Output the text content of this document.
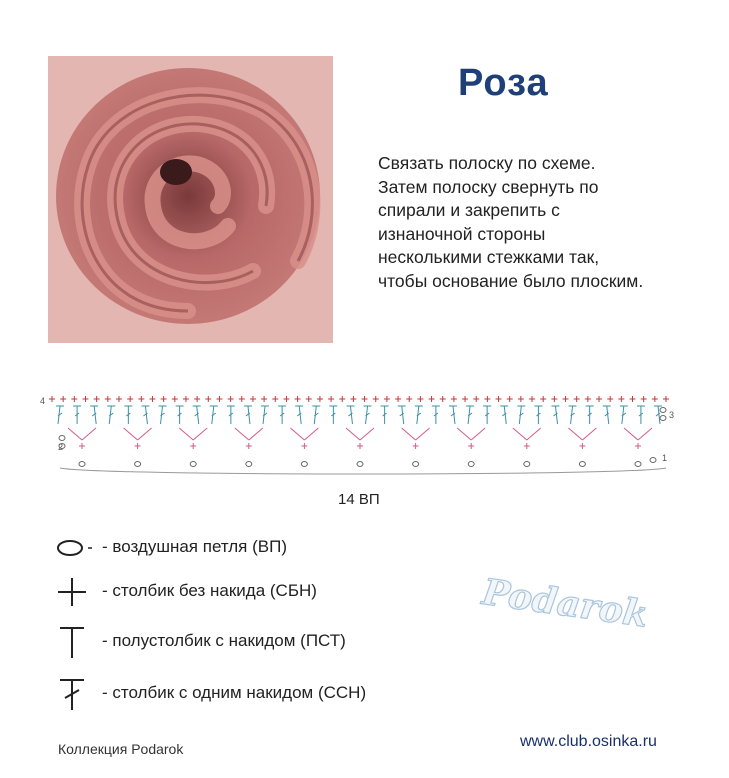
Роза
Связать полоску по схеме.
Затем полоску свернуть по
спирали и закрепить с
изнаночной стороны
несколькими стежками так,
чтобы основание было плоским.
4
3
2
1
14 ВП
- воздушная петля (ВП)
- столбик без накида (СБН)
- полустолбик с накидом (ПСТ)
- столбик с одним накидом (ССН)
Podarok
Коллекция Podarok	www.club.osinka.ru
